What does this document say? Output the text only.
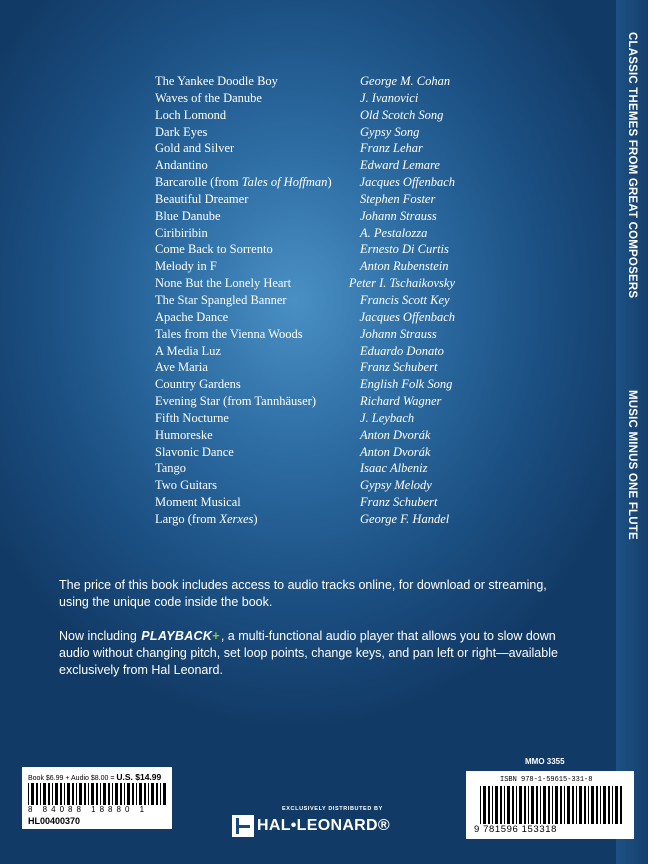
CLASSIC THEMES FROM GREAT COMPOSERS
MUSIC MINUS ONE FLUTE
The Yankee Doodle Boy	George M. Cohan
Waves of the Danube	J. Ivanovici
Loch Lomond	Old Scotch Song
Dark Eyes	Gypsy Song
Gold and Silver	Franz Lehar
Andantino	Edward Lemare
Barcarolle (from Tales of Hoffman)	Jacques Offenbach
Beautiful Dreamer	Stephen Foster
Blue Danube	Johann Strauss
Ciribiribin	A. Pestalozza
Come Back to Sorrento	Ernesto Di Curtis
Melody in F	Anton Rubenstein
None But the Lonely Heart	Peter I. Tschaikovsky
The Star Spangled Banner	Francis Scott Key
Apache Dance	Jacques Offenbach
Tales from the Vienna Woods	Johann Strauss
A Media Luz	Eduardo Donato
Ave Maria	Franz Schubert
Country Gardens	English Folk Song
Evening Star (from Tannhäuser)	Richard Wagner
Fifth Nocturne	J. Leybach
Humoreske	Anton Dvorák
Slavonic Dance	Anton Dvorák
Tango	Isaac Albeniz
Two Guitars	Gypsy Melody
Moment Musical	Franz Schubert
Largo (from Xerxes)	George F. Handel

The price of this book includes access to audio tracks online, for download or streaming, using the unique code inside the book.

Now including PLAYBACK+, a multi-functional audio player that allows you to slow down audio without changing pitch, set loop points, change keys, and pan left or right—available exclusively from Hal Leonard.

MMO 3355
Book $6.99 + Audio $8.00 = U.S. $14.99
8 84088 18880 1
HL00400370
ISBN 978-1-59615-331-8
9 781596 153318
EXCLUSIVELY DISTRIBUTED BY
HAL•LEONARD®
